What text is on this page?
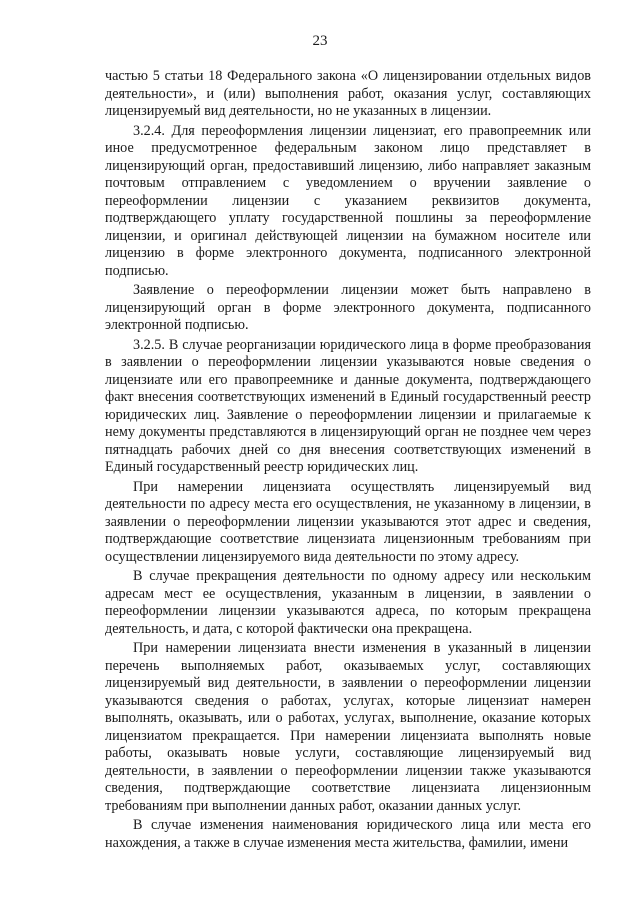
23

частью 5 статьи 18 Федерального закона «О лицензировании отдельных видов деятельности», и (или) выполнения работ, оказания услуг, составляющих лицензируемый вид деятельности, но не указанных в лицензии.

3.2.4. Для переоформления лицензии лицензиат, его правопреемник или иное предусмотренное федеральным законом лицо представляет в лицензирующий орган, предоставивший лицензию, либо направляет заказным почтовым отправлением с уведомлением о вручении заявление о переоформлении лицензии с указанием реквизитов документа, подтверждающего уплату государственной пошлины за переоформление лицензии, и оригинал действующей лицензии на бумажном носителе или лицензию в форме электронного документа, подписанного электронной подписью.

Заявление о переоформлении лицензии может быть направлено в лицензирующий орган в форме электронного документа, подписанного электронной подписью.

3.2.5. В случае реорганизации юридического лица в форме преобразования в заявлении о переоформлении лицензии указываются новые сведения о лицензиате или его правопреемнике и данные документа, подтверждающего факт внесения соответствующих изменений в Единый государственный реестр юридических лиц. Заявление о переоформлении лицензии и прилагаемые к нему документы представляются в лицензирующий орган не позднее чем через пятнадцать рабочих дней со дня внесения соответствующих изменений в Единый государственный реестр юридических лиц.

При намерении лицензиата осуществлять лицензируемый вид деятельности по адресу места его осуществления, не указанному в лицензии, в заявлении о переоформлении лицензии указываются этот адрес и сведения, подтверждающие соответствие лицензиата лицензионным требованиям при осуществлении лицензируемого вида деятельности по этому адресу.

В случае прекращения деятельности по одному адресу или нескольким адресам мест ее осуществления, указанным в лицензии, в заявлении о переоформлении лицензии указываются адреса, по которым прекращена деятельность, и дата, с которой фактически она прекращена.

При намерении лицензиата внести изменения в указанный в лицензии перечень выполняемых работ, оказываемых услуг, составляющих лицензируемый вид деятельности, в заявлении о переоформлении лицензии указываются сведения о работах, услугах, которые лицензиат намерен выполнять, оказывать, или о работах, услугах, выполнение, оказание которых лицензиатом прекращается. При намерении лицензиата выполнять новые работы, оказывать новые услуги, составляющие лицензируемый вид деятельности, в заявлении о переоформлении лицензии также указываются сведения, подтверждающие соответствие лицензиата лицензионным требованиям при выполнении данных работ, оказании данных услуг.

В случае изменения наименования юридического лица или места его нахождения, а также в случае изменения места жительства, фамилии, имени
